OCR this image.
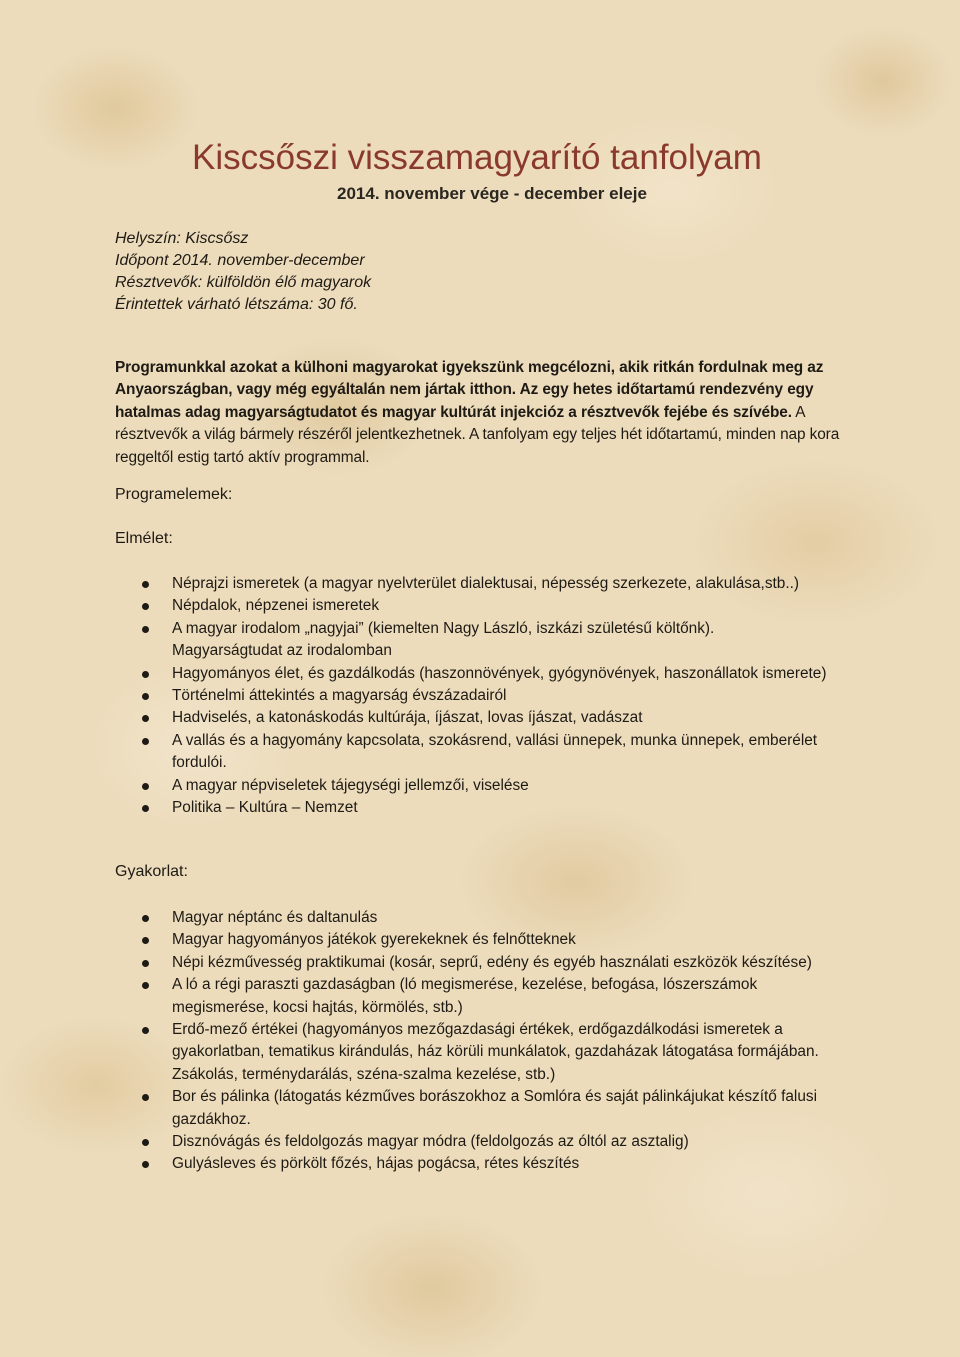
Kiscsőszi visszamagyarító tanfolyam

2014. november vége - december eleje

Helyszín: Kiscsősz
Időpont 2014. november-december
Résztvevők: külföldön élő magyarok
Érintettek várható létszáma: 30 fő.

Programunkkal azokat a külhoni magyarokat igyekszünk megcélozni, akik ritkán fordulnak meg az Anyaországban, vagy még egyáltalán nem jártak itthon. Az egy hetes időtartamú rendezvény egy hatalmas adag magyarságtudatot és magyar kultúrát injekcióz a résztvevők fejébe és szívébe. A résztvevők a világ bármely részéről jelentkezhetnek. A tanfolyam egy teljes hét időtartamú, minden nap kora reggeltől estig tartó aktív programmal.

Programelemek:

Elmélet:

Néprajzi ismeretek (a magyar nyelvterület dialektusai, népesség szerkezete, alakulása,stb..)
Népdalok, népzenei ismeretek
A magyar irodalom „nagyjai” (kiemelten Nagy László, iszkázi születésű költőnk).
Magyarságtudat az irodalomban
Hagyományos élet, és gazdálkodás (haszonnövények, gyógynövények, haszonállatok ismerete)
Történelmi áttekintés a magyarság évszázadairól
Hadviselés, a katonáskodás kultúrája, íjászat, lovas íjászat, vadászat
A vallás és a hagyomány kapcsolata, szokásrend, vallási ünnepek, munka ünnepek, emberélet fordulói.
A magyar népviseletek tájegységi jellemzői, viselése
Politika – Kultúra – Nemzet

Gyakorlat:

Magyar néptánc és daltanulás
Magyar hagyományos játékok gyerekeknek és felnőtteknek
Népi kézművesség praktikumai (kosár, seprű, edény és egyéb használati eszközök készítése)
A ló a régi paraszti gazdaságban (ló megismerése, kezelése, befogása, lószerszámok megismerése, kocsi hajtás, körmölés, stb.)
Erdő-mező értékei (hagyományos mezőgazdasági értékek, erdőgazdálkodási ismeretek a gyakorlatban, tematikus kirándulás, ház körüli munkálatok, gazdaházak látogatása formájában. Zsákolás, terménydarálás, széna-szalma kezelése, stb.)
Bor és pálinka (látogatás kézműves borászokhoz a Somlóra és saját pálinkájukat készítő falusi gazdákhoz.
Disznóvágás és feldolgozás magyar módra (feldolgozás az óltól az asztalig)
Gulyásleves és pörkölt főzés, hájas pogácsa, rétes készítés
